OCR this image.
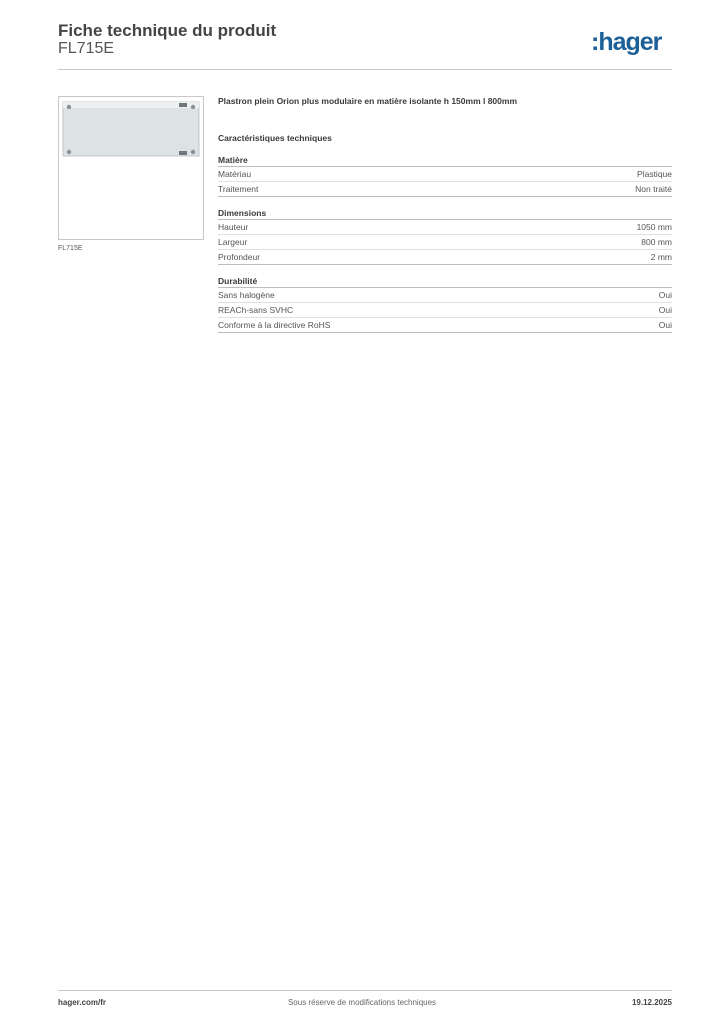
Fiche technique du produit
FL715E	:hager
FL715E
Plastron plein Orion plus modulaire en matière isolante h 150mm l 800mm
Caractéristiques techniques
Matière
Matériau	Plastique
Traitement	Non traité
Dimensions
Hauteur	1050 mm
Largeur	800 mm
Profondeur	2 mm
Durabilité
Sans halogène	Oui
REACh-sans SVHC	Oui
Conforme à la directive RoHS	Oui
hager.com/fr	Sous réserve de modifications techniques	19.12.2025
